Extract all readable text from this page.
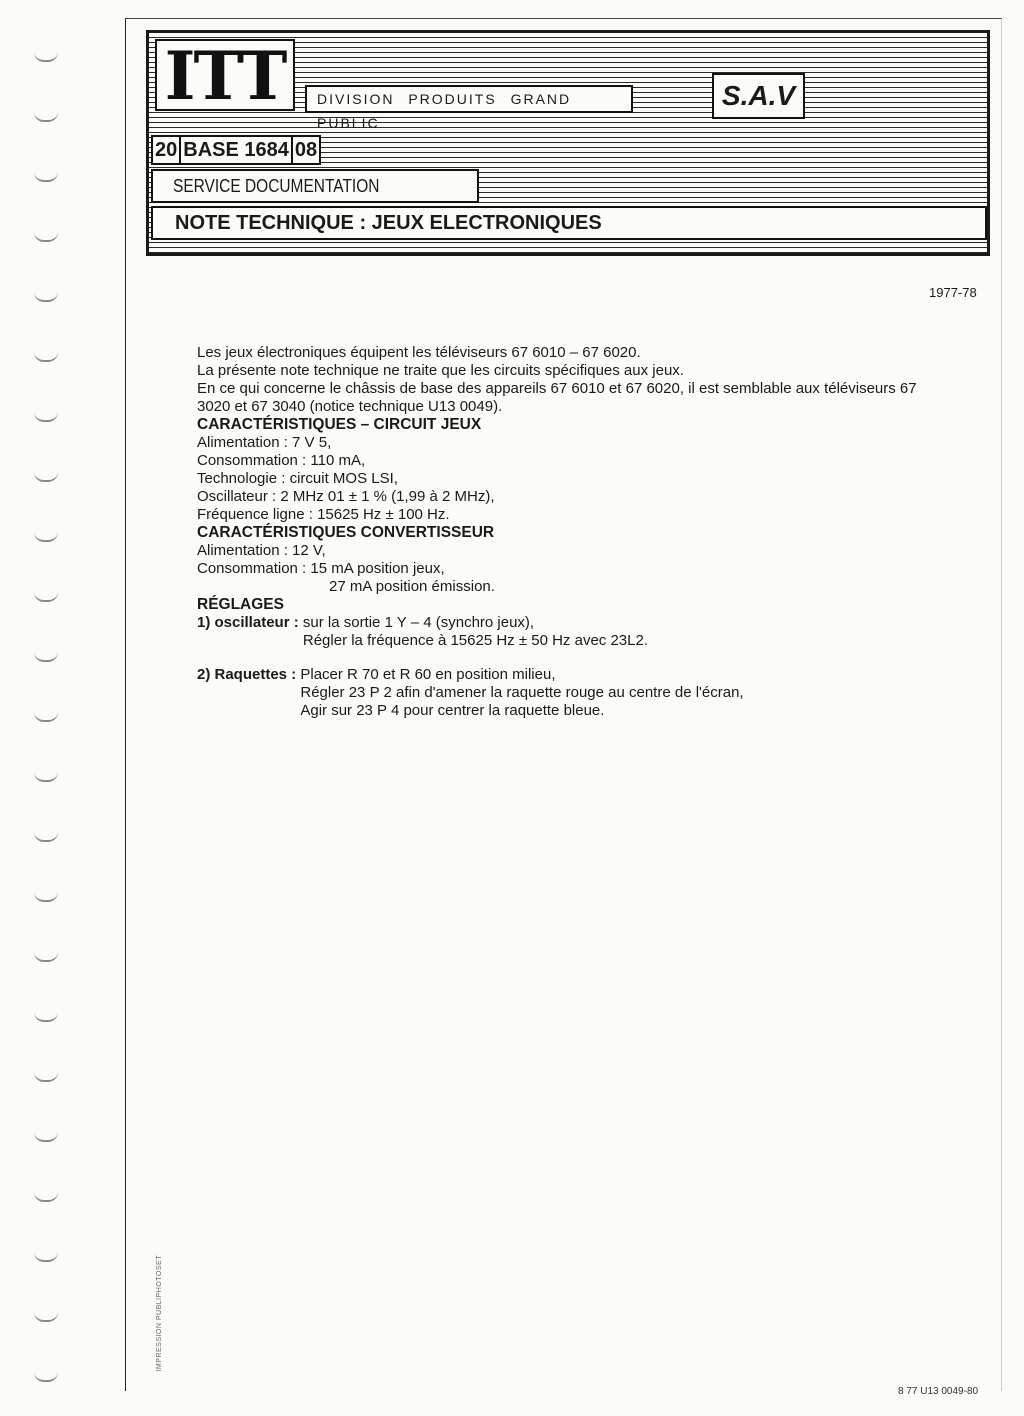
ITT	DIVISION PRODUITS GRAND PUBLIC
S.A.V
20 BASE 1684 08
SERVICE DOCUMENTATION
NOTE TECHNIQUE : JEUX ELECTRONIQUES
1977-78

Les jeux électroniques équipent les téléviseurs 67 6010 – 67 6020.

La présente note technique ne traite que les circuits spécifiques aux jeux.

En ce qui concerne le châssis de base des appareils 67 6010 et 67 6020, il est semblable aux téléviseurs 67 3020 et 67 3040 (notice technique U13 0049).

CARACTÉRISTIQUES – CIRCUIT JEUX

Alimentation : 7 V 5,

Consommation : 110 mA,

Technologie : circuit MOS LSI,

Oscillateur : 2 MHz 01 ± 1 % (1,99 à 2 MHz),

Fréquence ligne : 15625 Hz ± 100 Hz.

CARACTÉRISTIQUES CONVERTISSEUR

Alimentation : 12 V,

Consommation : 15 mA position jeux,

27 mA position émission.

RÉGLAGES

1) oscillateur : sur la sortie 1 Y – 4 (synchro jeux),

Régler la fréquence à 15625 Hz ± 50 Hz avec 23L2.

2) Raquettes : Placer R 70 et R 60 en position milieu,

Régler 23 P 2 afin d'amener la raquette rouge au centre de l'écran,

Agir sur 23 P 4 pour centrer la raquette bleue.

IMPRESSION PUBLIPHOTOSET
8 77 U13 0049-80
